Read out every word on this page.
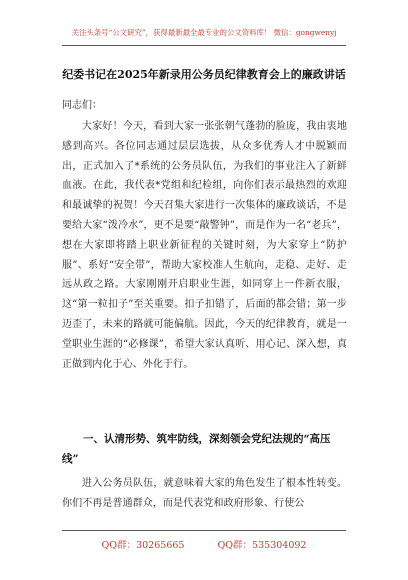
关注头条号“公文研究”，获得最新最全最专业的公文资料库！ 微信：gongwenyj
纪委书记在2025年新录用公务员纪律教育会上的廉政讲话
同志们：

大家好！今天，看到大家一张张朝气蓬勃的脸庞，我由衷地感到高兴。各位同志通过层层选拔，从众多优秀人才中脱颖而出，正式加入了*系统的公务员队伍，为我们的事业注入了新鲜血液。在此，我代表*党组和纪检组，向你们表示最热烈的欢迎和最诚挚的祝贺！今天召集大家进行一次集体的廉政谈话，不是要给大家“泼冷水”，更不是要“敲警钟”，而是作为一名“老兵”，想在大家即将踏上职业新征程的关键时刻，为大家穿上“防护服”、系好“安全带”，帮助大家校准人生航向，走稳、走好、走远从政之路。大家刚刚开启职业生涯，如同穿上一件新衣服，这“第一粒扣子”至关重要。扣子扣错了，后面的都会错；第一步迈歪了，未来的路就可能偏航。因此，今天的纪律教育，就是一堂职业生涯的“必修课”，希望大家认真听、用心记、深入想，真正做到内化于心、外化于行。

一、认清形势、筑牢防线，深刻领会党纪法规的“高压线”

进入公务员队伍，就意味着大家的角色发生了根本性转变。你们不再是普通群众，而是代表党和政府形象、行使公

QQ群：30265665	QQ群：535304092
